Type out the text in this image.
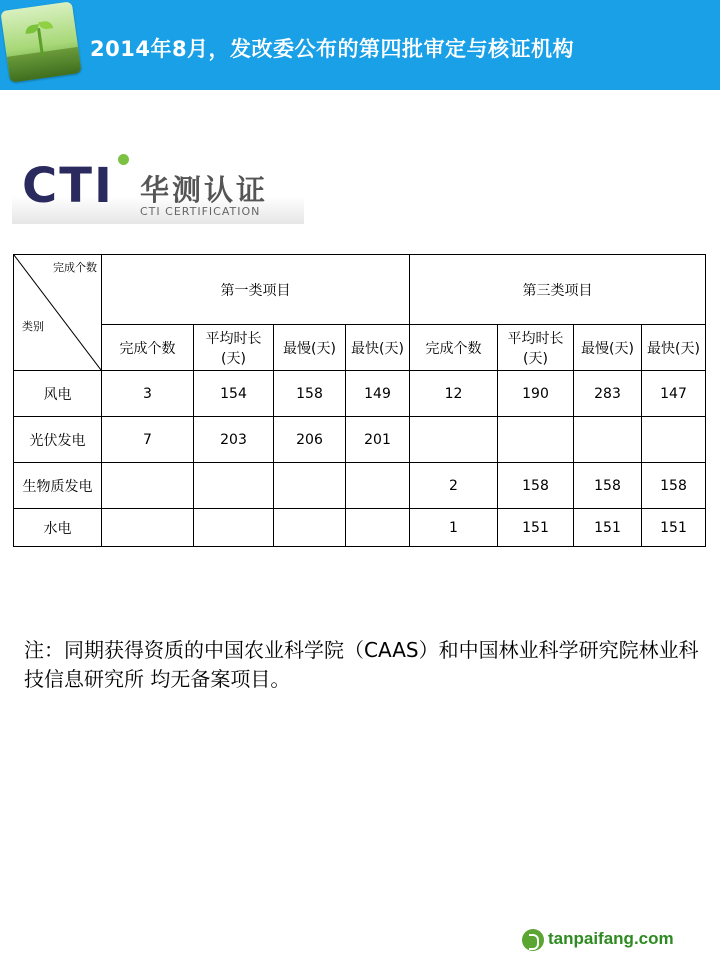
2014年8月，发改委公布的第四批审定与核证机构
CTI 华测认证
CTI CERTIFICATION
完成个数
类别	第一类项目				第三类项目			
	完成个数	平均时长(天)	最慢(天)	最快(天)	完成个数	平均时长(天)	最慢(天)	最快(天)
风电	3	154	158	149	12	190	283	147
光伏发电	7	203	206	201				
生物质发电					2	158	158	158
水电					1	151	151	151
注：同期获得资质的中国农业科学院（CAAS）和中国林业科学研究院林业科技信息研究所 均无备案项目。
tanpaifang.com
